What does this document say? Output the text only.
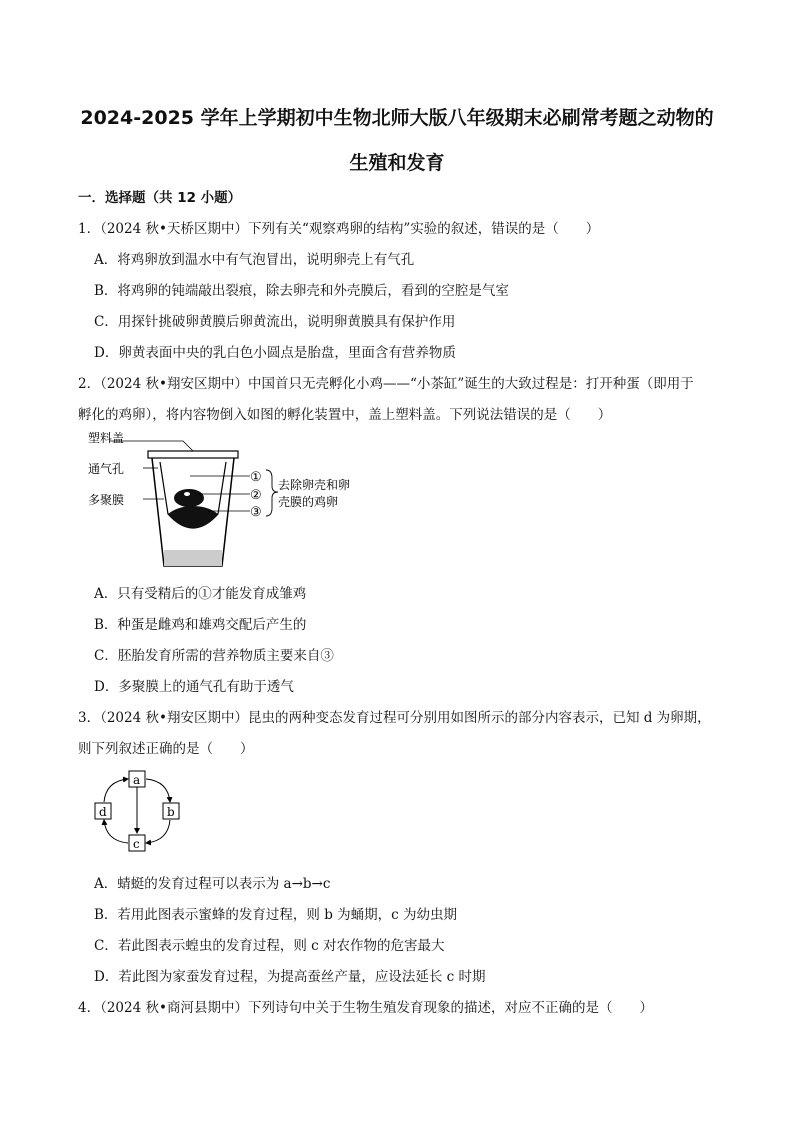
2024-2025 学年上学期初中生物北师大版八年级期末必刷常考题之动物的
生殖和发育
一．选择题（共 12 小题）
1．（2024 秋•天桥区期中）下列有关“观察鸡卵的结构”实验的叙述，错误的是（　　）
A．将鸡卵放到温水中有气泡冒出，说明卵壳上有气孔
B．将鸡卵的钝端敲出裂痕，除去卵壳和外壳膜后，看到的空腔是气室
C．用探针挑破卵黄膜后卵黄流出，说明卵黄膜具有保护作用
D．卵黄表面中央的乳白色小圆点是胎盘，里面含有营养物质
2．（2024 秋•翔安区期中）中国首只无壳孵化小鸡——“小茶缸”诞生的大致过程是：打开种蛋（即用于
孵化的鸡卵），将内容物倒入如图的孵化装置中，盖上塑料盖。下列说法错误的是（　　）
塑料盖
通气孔
多聚膜
①
②
③
去除卵壳和卵
壳膜的鸡卵
A．只有受精后的①才能发育成雏鸡
B．种蛋是雌鸡和雄鸡交配后产生的
C．胚胎发育所需的营养物质主要来自③
D．多聚膜上的通气孔有助于透气
3．（2024 秋•翔安区期中）昆虫的两种变态发育过程可分别用如图所示的部分内容表示，已知 d 为卵期，
则下列叙述正确的是（　　）
a
b
c
d
A．蜻蜓的发育过程可以表示为 a→b→c
B．若用此图表示蜜蜂的发育过程，则 b 为蛹期，c 为幼虫期
C．若此图表示蝗虫的发育过程，则 c 对农作物的危害最大
D．若此图为家蚕发育过程，为提高蚕丝产量，应设法延长 c 时期
4．（2024 秋•商河县期中）下列诗句中关于生物生殖发育现象的描述，对应不正确的是（　　）
